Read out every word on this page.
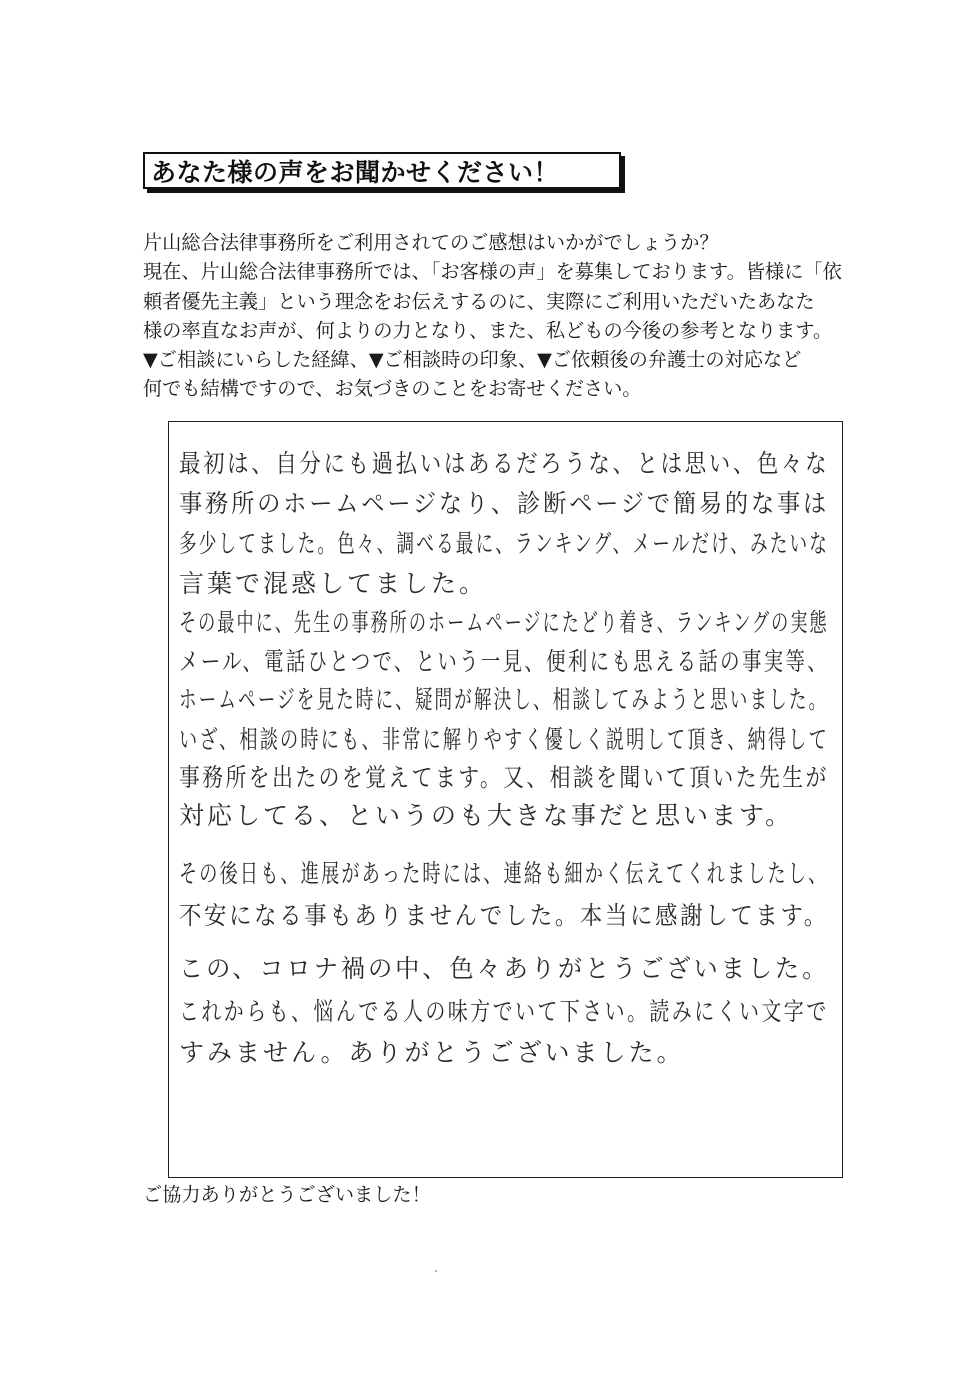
あなた様の声をお聞かせください！
片山総合法律事務所をご利用されてのご感想はいかがでしょうか？
現在、片山総合法律事務所では、「お客様の声」を募集しております。皆様に「依
頼者優先主義」という理念をお伝えするのに、実際にご利用いただいたあなた
様の率直なお声が、何よりの力となり、また、私どもの今後の参考となります。
▼ご相談にいらした経緯、▼ご相談時の印象、▼ご依頼後の弁護士の対応など
何でも結構ですので、お気づきのことをお寄せください。
最初は、自分にも過払いはあるだろうな、とは思い、色々な
事務所のホームページなり、診断ページで簡易的な事は
多少してました。色々、調べる最に、ランキング、メールだけ、みたいな
言葉で混惑してました。
その最中に、先生の事務所のホームページにたどり着き、ランキングの実態
メール、電話ひとつで、という一見、便利にも思える話の事実等、
ホームページを見た時に、疑問が解決し、相談してみようと思いました。
いざ、相談の時にも、非常に解りやすく優しく説明して頂き、納得して
事務所を出たのを覚えてます。又、相談を聞いて頂いた先生が
対応してる、というのも大きな事だと思います。
その後日も、進展があった時には、連絡も細かく伝えてくれましたし、
不安になる事もありませんでした。本当に感謝してます。
この、コロナ禍の中、色々ありがとうございました。
これからも、悩んでる人の味方でいて下さい。読みにくい文字で
すみません。ありがとうございました。
ご協力ありがとうございました！
